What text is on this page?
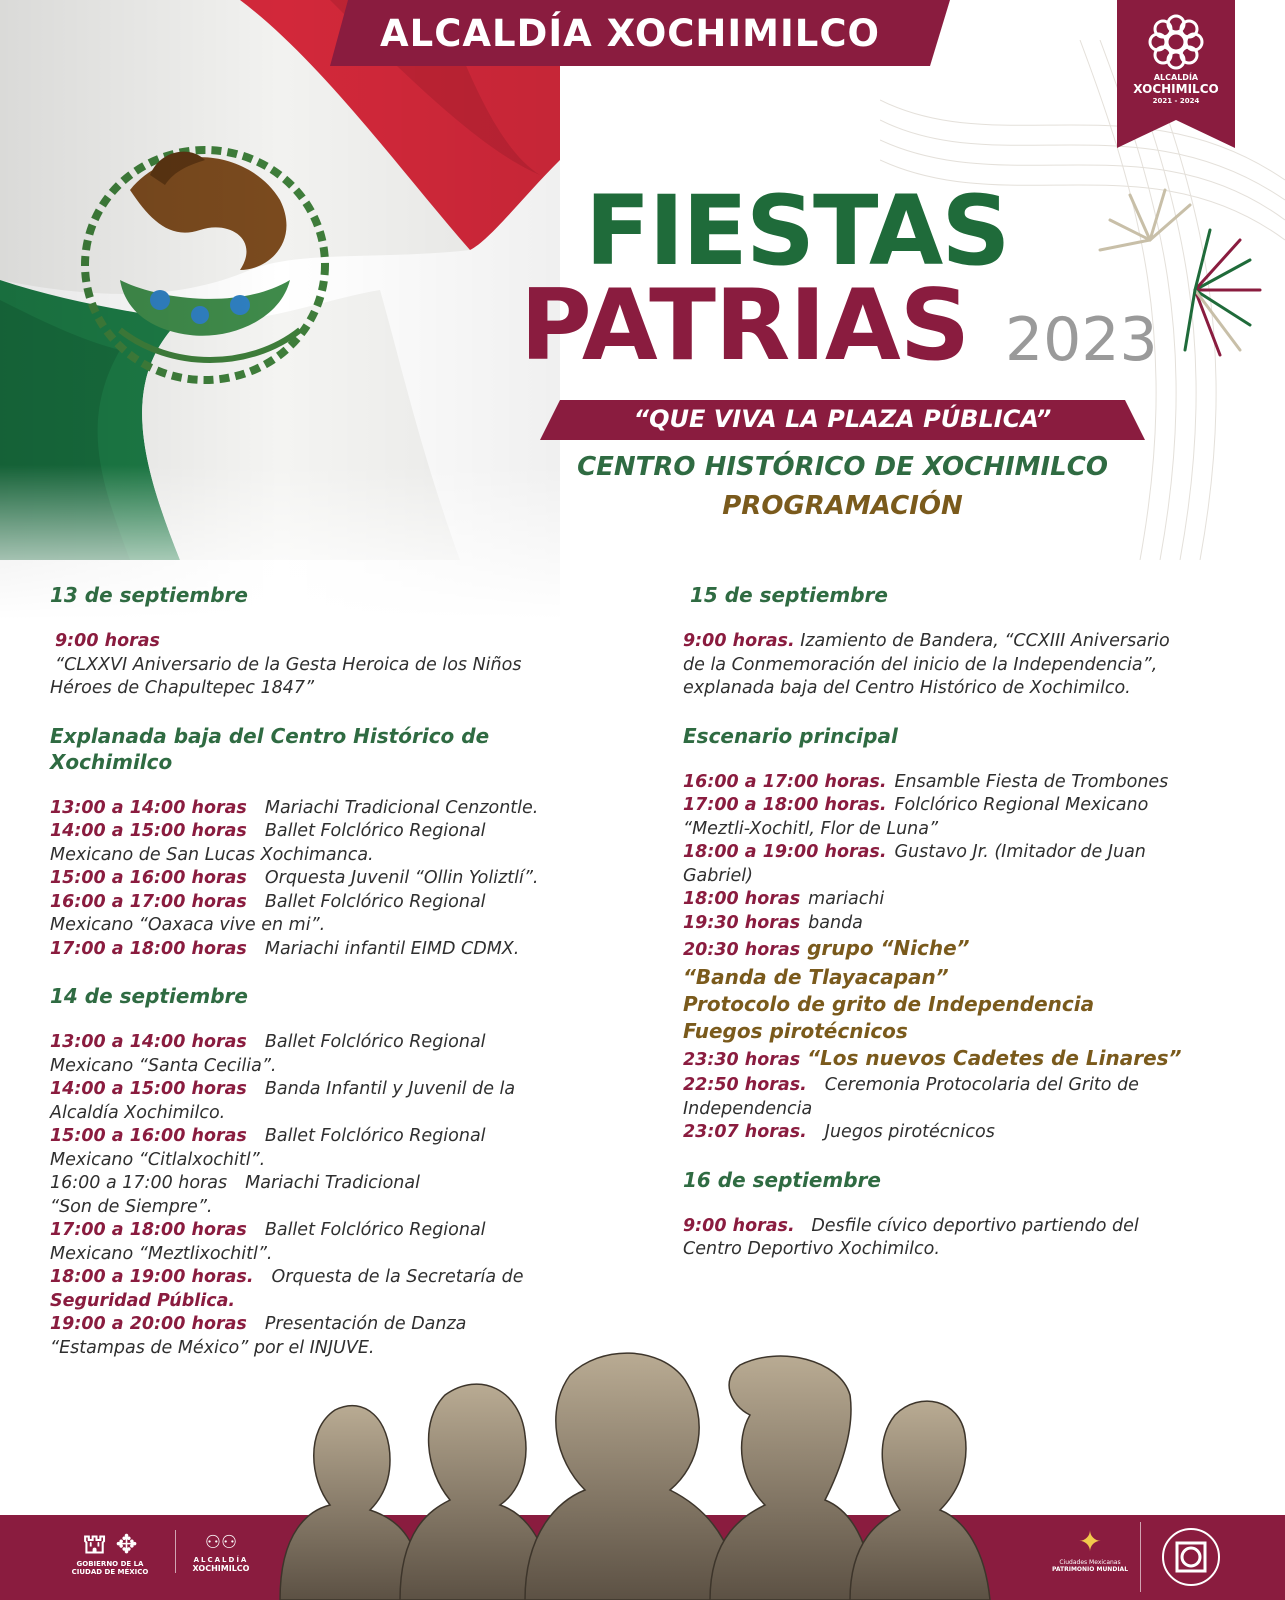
ALCALDÍA XOCHIMILCO
ALCALDÍA
XOCHIMILCO
2021 - 2024
FIESTAS
PATRIAS 2023
“QUE VIVA LA PLAZA PÚBLICA”
CENTRO HISTÓRICO DE XOCHIMILCO
PROGRAMACIÓN

13 de septiembre

9:00 horas

“CLXXVI Aniversario de la Gesta Heroica de los Niños

Héroes de Chapultepec 1847”

Explanada baja del Centro Histórico de

Xochimilco

13:00 a 14:00 horas Mariachi Tradicional Cenzontle.

14:00 a 15:00 horas Ballet Folclórico Regional

Mexicano de San Lucas Xochimanca.

15:00 a 16:00 horas Orquesta Juvenil “Ollin Yoliztlí”.

16:00 a 17:00 horas Ballet Folclórico Regional

Mexicano “Oaxaca vive en mi”.

17:00 a 18:00 horas Mariachi infantil EIMD CDMX.

14 de septiembre

13:00 a 14:00 horas Ballet Folclórico Regional

Mexicano “Santa Cecilia”.

14:00 a 15:00 horas Banda Infantil y Juvenil de la

Alcaldía Xochimilco.

15:00 a 16:00 horas Ballet Folclórico Regional

Mexicano “Citlalxochitl”.

16:00 a 17:00 horas Mariachi Tradicional

“Son de Siempre”.

17:00 a 18:00 horas Ballet Folclórico Regional

Mexicano “Meztlixochitl”.

18:00 a 19:00 horas. Orquesta de la Secretaría de

Seguridad Pública.

19:00 a 20:00 horas Presentación de Danza

“Estampas de México” por el INJUVE.

15 de septiembre

9:00 horas. Izamiento de Bandera, “CCXIII Aniversario

de la Conmemoración del inicio de la Independencia”,

explanada baja del Centro Histórico de Xochimilco.

Escenario principal

16:00 a 17:00 horas. Ensamble Fiesta de Trombones

17:00 a 18:00 horas. Folclórico Regional Mexicano

“Meztli-Xochitl, Flor de Luna”

18:00 a 19:00 horas. Gustavo Jr. (Imitador de Juan

Gabriel)

18:00 horas mariachi

19:30 horas banda

20:30 horas grupo “Niche”

“Banda de Tlayacapan”

Protocolo de grito de Independencia

Fuegos pirotécnicos

23:30 horas “Los nuevos Cadetes de Linares”

22:50 horas. Ceremonia Protocolaria del Grito de

Independencia

23:07 horas. Juegos pirotécnicos

16 de septiembre

9:00 horas. Desfile cívico deportivo partiendo del

Centro Deportivo Xochimilco.

⛫ ✥
GOBIERNO DE LA
CIUDAD DE MÉXICO
⚇⚇
ALCALDÍA
XOCHIMILCO
✦
Ciudades Mexicanas
PATRIMONIO MUNDIAL
